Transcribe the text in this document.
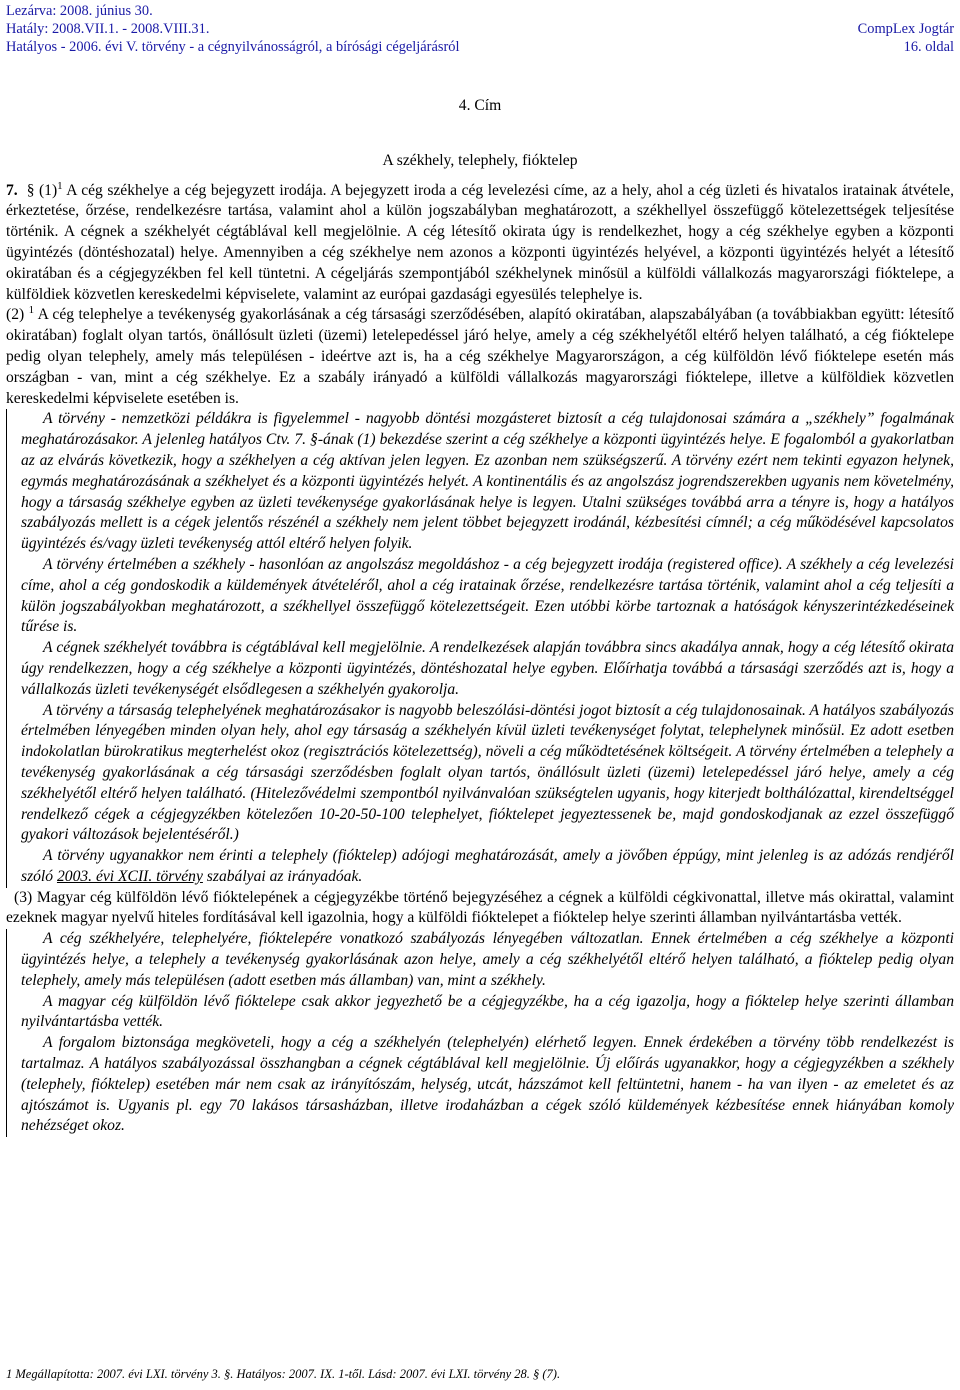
Lezárva: 2008. június 30.
Hatály: 2008.VII.1. - 2008.VIII.31.	CompLex Jogtár
Hatályos - 2006. évi V. törvény - a cégnyilvánosságról, a bírósági cégeljárásról	16. oldal
4. Cím
A székhely, telephely, fióktelep

7. § $(1)^1$ A cég székhelye a cég bejegyzett irodája. A bejegyzett iroda a cég levelezési címe, az a hely, ahol a cég üzleti és hivatalos iratainak átvétele, érkeztetése, őrzése, rendelkezésre tartása, valamint ahol a külön jogszabályban meghatározott, a székhellyel összefüggő kötelezettségek teljesítése történik. A cégnek a székhelyét cégtáblával kell megjelölnie. A cég létesítő okirata úgy is rendelkezhet, hogy a cég székhelye egyben a központi ügyintézés (döntéshozatal) helye. Amennyiben a cég székhelye nem azonos a központi ügyintézés helyével, a központi ügyintézés helyét a létesítő okiratában és a cégjegyzékben fel kell tüntetni. A cégeljárás szempontjából székhelynek minősül a külföldi vállalkozás magyarországi fióktelepe, a külföldiek közvetlen kereskedelmi képviselete, valamint az európai gazdasági egyesülés telephelye is.

(2) $^1$ A cég telephelye a tevékenység gyakorlásának a cég társasági szerződésében, alapító okiratában, alapszabályában (a továbbiakban együtt: létesítő okiratában) foglalt olyan tartós, önállósult üzleti (üzemi) letelepedéssel járó helye, amely a cég székhelyétől eltérő helyen található, a cég fióktelepe pedig olyan telephely, amely más településen - ideértve azt is, ha a cég székhelye Magyarországon, a cég külföldön lévő fióktelepe esetén más országban - van, mint a cég székhelye. Ez a szabály irányadó a külföldi vállalkozás magyarországi fióktelepe, illetve a külföldiek közvetlen kereskedelmi képviselete esetében is.

A törvény - nemzetközi példákra is figyelemmel - nagyobb döntési mozgásteret biztosít a cég tulajdonosai számára a „székhely” fogalmának meghatározásakor. A jelenleg hatályos Ctv. 7. §-ának (1) bekezdése szerint a cég székhelye a központi ügyintézés helye. E fogalomból a gyakorlatban az az elvárás következik, hogy a székhelyen a cég aktívan jelen legyen. Ez azonban nem szükségszerű. A törvény ezért nem tekinti egyazon helynek, egymás meghatározásának a székhelyet és a központi ügyintézés helyét. A kontinentális és az angolszász jogrendszerekben ugyanis nem követelmény, hogy a társaság székhelye egyben az üzleti tevékenysége gyakorlásának helye is legyen. Utalni szükséges továbbá arra a tényre is, hogy a hatályos szabályozás mellett is a cégek jelentős részénél a székhely nem jelent többet bejegyzett irodánál, kézbesítési címnél; a cég működésével kapcsolatos ügyintézés és/vagy üzleti tevékenység attól eltérő helyen folyik.

A törvény értelmében a székhely - hasonlóan az angolszász megoldáshoz - a cég bejegyzett irodája (registered office). A székhely a cég levelezési címe, ahol a cég gondoskodik a küldemények átvételéről, ahol a cég iratainak őrzése, rendelkezésre tartása történik, valamint ahol a cég teljesíti a külön jogszabályokban meghatározott, a székhellyel összefüggő kötelezettségeit. Ezen utóbbi körbe tartoznak a hatóságok kényszerintézkedéseinek tűrése is.

A cégnek székhelyét továbbra is cégtáblával kell megjelölnie. A rendelkezések alapján továbbra sincs akadálya annak, hogy a cég létesítő okirata úgy rendelkezzen, hogy a cég székhelye a központi ügyintézés, döntéshozatal helye egyben. Előírhatja továbbá a társasági szerződés azt is, hogy a vállalkozás üzleti tevékenységét elsődlegesen a székhelyén gyakorolja.

A törvény a társaság telephelyének meghatározásakor is nagyobb beleszólási-döntési jogot biztosít a cég tulajdonosainak. A hatályos szabályozás értelmében lényegében minden olyan hely, ahol egy társaság a székhelyén kívül üzleti tevékenységet folytat, telephelynek minősül. Ez adott esetben indokolatlan bürokratikus megterhelést okoz (regisztrációs kötelezettség), növeli a cég működtetésének költségeit. A törvény értelmében a telephely a tevékenység gyakorlásának a cég társasági szerződésben foglalt olyan tartós, önállósult üzleti (üzemi) letelepedéssel járó helye, amely a cég székhelyétől eltérő helyen található. (Hitelezővédelmi szempontból nyilvánvalóan szükségtelen ugyanis, hogy kiterjedt bolthálózattal, kirendeltséggel rendelkező cégek a cégjegyzékben kötelezően 10-20-50-100 telephelyet, fióktelepet jegyeztessenek be, majd gondoskodjanak az ezzel összefüggő gyakori változások bejelentéséről.)

A törvény ugyanakkor nem érinti a telephely (fióktelep) adójogi meghatározását, amely a jövőben éppúgy, mint jelenleg is az adózás rendjéről szóló 2003. évi XCII. törvény szabályai az irányadóak.

(3) Magyar cég külföldön lévő fióktelepének a cégjegyzékbe történő bejegyzéséhez a cégnek a külföldi cégkivonattal, illetve más okirattal, valamint ezeknek magyar nyelvű hiteles fordításával kell igazolnia, hogy a külföldi fióktelepet a fióktelep helye szerinti államban nyilvántartásba vették.

A cég székhelyére, telephelyére, fióktelepére vonatkozó szabályozás lényegében változatlan. Ennek értelmében a cég székhelye a központi ügyintézés helye, a telephely a tevékenység gyakorlásának azon helye, amely a cég székhelyétől eltérő helyen található, a fióktelep pedig olyan telephely, amely más településen (adott esetben más államban) van, mint a székhely.

A magyar cég külföldön lévő fióktelepe csak akkor jegyezhető be a cégjegyzékbe, ha a cég igazolja, hogy a fióktelep helye szerinti államban nyilvántartásba vették.

A forgalom biztonsága megköveteli, hogy a cég a székhelyén (telephelyén) elérhető legyen. Ennek érdekében a törvény több rendelkezést is tartalmaz. A hatályos szabályozással összhangban a cégnek cégtáblával kell megjelölnie. Új előírás ugyanakkor, hogy a cégjegyzékben a székhely (telephely, fióktelep) esetében már nem csak az irányítószám, helység, utcát, házszámot kell feltüntetni, hanem - ha van ilyen - az emeletet és az ajtószámot is. Ugyanis pl. egy 70 lakásos társasházban, illetve irodaházban a cégek szóló küldemények kézbesítése ennek hiányában komoly nehézséget okoz.

1 Megállapította: 2007. évi LXI. törvény 3. §. Hatályos: 2007. IX. 1-től. Lásd: 2007. évi LXI. törvény 28. § (7).
